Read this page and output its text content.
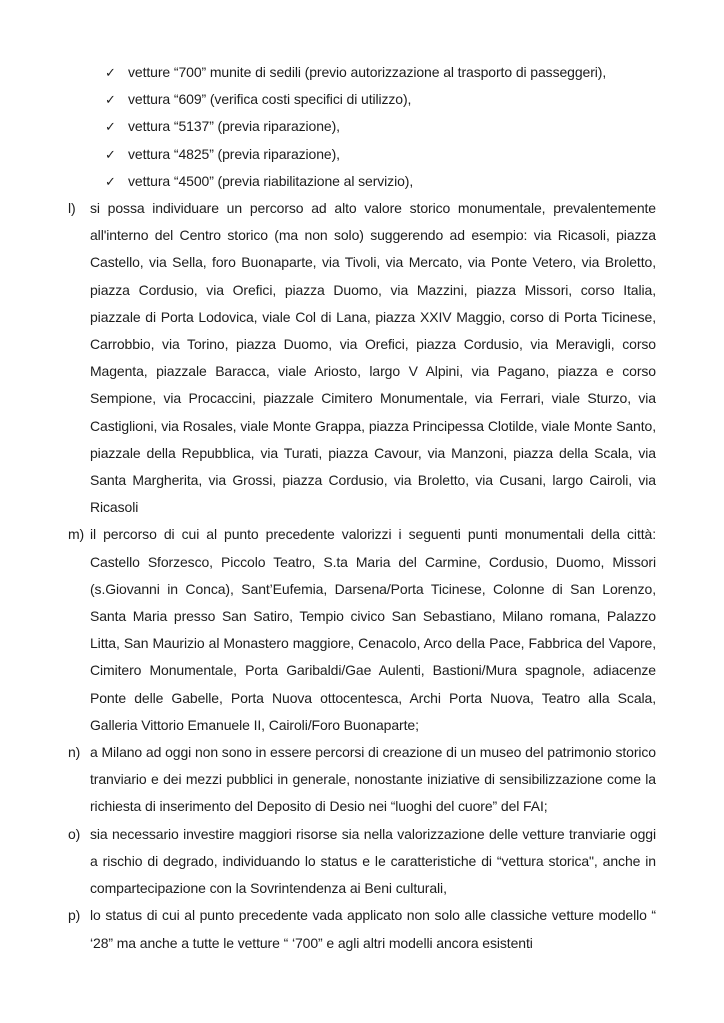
✓ vetture “700” munite di sedili (previo autorizzazione al trasporto di passeggeri),
✓ vettura “609” (verifica costi specifici di utilizzo),
✓ vettura “5137” (previa riparazione),
✓ vettura “4825” (previa riparazione),
✓ vettura “4500” (previa riabilitazione al servizio),
l)	si possa individuare un percorso ad alto valore storico monumentale, prevalentemente all'interno del Centro storico (ma non solo) suggerendo ad esempio: via Ricasoli, piazza Castello, via Sella, foro Buonaparte, via Tivoli, via Mercato, via Ponte Vetero, via Broletto, piazza Cordusio, via Orefici, piazza Duomo, via Mazzini, piazza Missori, corso Italia, piazzale di Porta Lodovica, viale Col di Lana, piazza XXIV Maggio, corso di Porta Ticinese, Carrobbio, via Torino, piazza Duomo, via Orefici, piazza Cordusio, via Meravigli, corso Magenta, piazzale Baracca, viale Ariosto, largo V Alpini, via Pagano, piazza e corso Sempione, via Procaccini, piazzale Cimitero Monumentale, via Ferrari, viale Sturzo, via Castiglioni, via Rosales, viale Monte Grappa, piazza Principessa Clotilde, viale Monte Santo, piazzale della Repubblica, via Turati, piazza Cavour, via Manzoni, piazza della Scala, via Santa Margherita, via Grossi, piazza Cordusio, via Broletto, via Cusani, largo Cairoli, via Ricasoli
m) il percorso di cui al punto precedente valorizzi i seguenti punti monumentali della città: Castello Sforzesco, Piccolo Teatro, S.ta Maria del Carmine, Cordusio, Duomo, Missori (s.Giovanni in Conca), Sant’Eufemia, Darsena/Porta Ticinese, Colonne di San Lorenzo, Santa Maria presso San Satiro, Tempio civico San Sebastiano, Milano romana, Palazzo Litta, San Maurizio al Monastero maggiore, Cenacolo, Arco della Pace, Fabbrica del Vapore, Cimitero Monumentale, Porta Garibaldi/Gae Aulenti, Bastioni/Mura spagnole, adiacenze Ponte delle Gabelle, Porta Nuova ottocentesca, Archi Porta Nuova, Teatro alla Scala, Galleria Vittorio Emanuele II, Cairoli/Foro Buonaparte;
n) a Milano ad oggi non sono in essere percorsi di creazione di un museo del patrimonio storico tranviario e dei mezzi pubblici in generale, nonostante iniziative di sensibilizzazione come la richiesta di inserimento del Deposito di Desio nei “luoghi del cuore” del FAI;
o) sia necessario investire maggiori risorse sia nella valorizzazione delle vetture tranviarie oggi a rischio di degrado, individuando lo status e le caratteristiche di “vettura storica", anche in compartecipazione con la Sovrintendenza ai Beni culturali,
p) lo status di cui al punto precedente vada applicato non solo alle classiche vetture modello “ ‘28” ma anche a tutte le vetture “ ‘700” e agli altri modelli ancora esistenti
